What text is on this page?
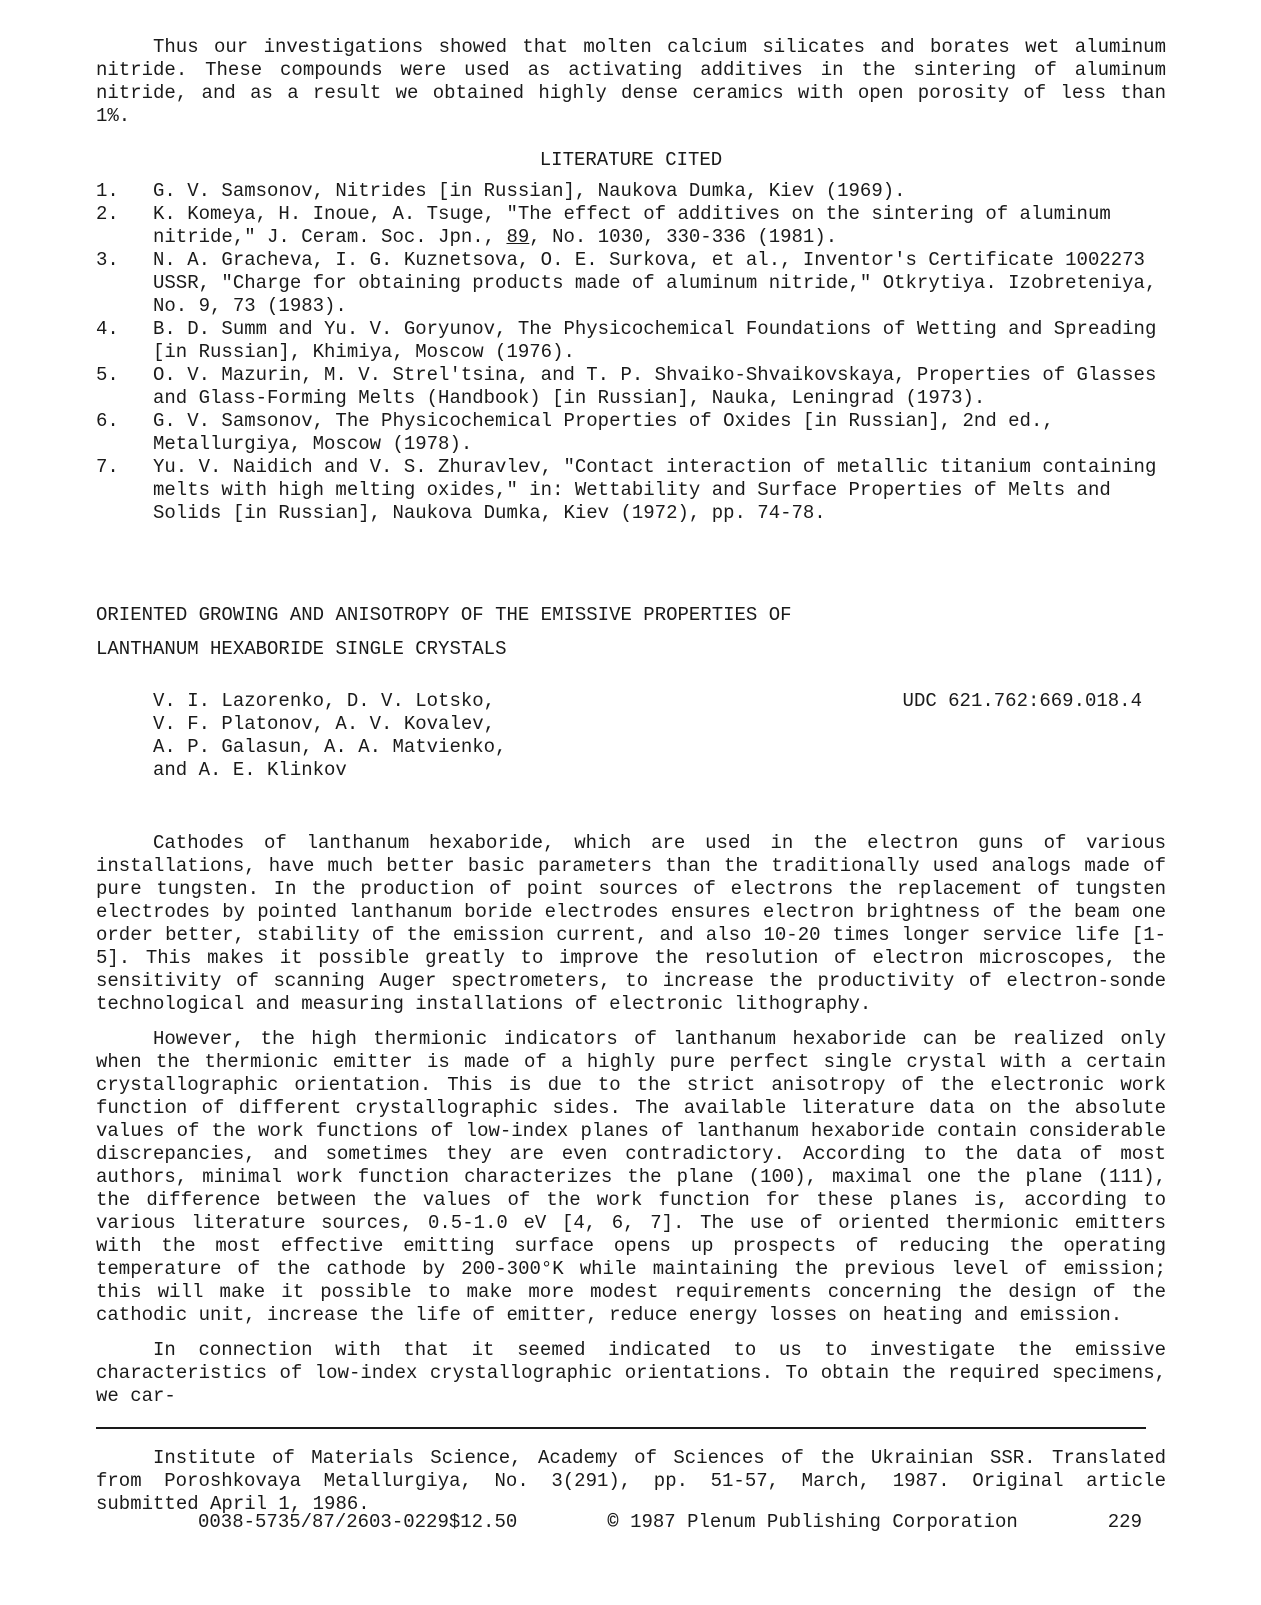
Thus our investigations showed that molten calcium silicates and borates wet aluminum nitride. These compounds were used as activating additives in the sintering of aluminum nitride, and as a result we obtained highly dense ceramics with open porosity of less than 1%.

LITERATURE CITED
1. G. V. Samsonov, Nitrides [in Russian], Naukova Dumka, Kiev (1969).
2. K. Komeya, H. Inoue, A. Tsuge, "The effect of additives on the sintering of aluminum nitride," J. Ceram. Soc. Jpn., 89, No. 1030, 330-336 (1981).
3. N. A. Gracheva, I. G. Kuznetsova, O. E. Surkova, et al., Inventor's Certificate 1002273 USSR, "Charge for obtaining products made of aluminum nitride," Otkrytiya. Izobreteniya, No. 9, 73 (1983).
4. B. D. Summ and Yu. V. Goryunov, The Physicochemical Foundations of Wetting and Spreading [in Russian], Khimiya, Moscow (1976).
5. O. V. Mazurin, M. V. Strel'tsina, and T. P. Shvaiko-Shvaikovskaya, Properties of Glasses and Glass-Forming Melts (Handbook) [in Russian], Nauka, Leningrad (1973).
6. G. V. Samsonov, The Physicochemical Properties of Oxides [in Russian], 2nd ed., Metallurgiya, Moscow (1978).
7. Yu. V. Naidich and V. S. Zhuravlev, "Contact interaction of metallic titanium containing melts with high melting oxides," in: Wettability and Surface Properties of Melts and Solids [in Russian], Naukova Dumka, Kiev (1972), pp. 74-78.
ORIENTED GROWING AND ANISOTROPY OF THE EMISSIVE PROPERTIES OF
LANTHANUM HEXABORIDE SINGLE CRYSTALS
V. I. Lazorenko, D. V. Lotsko,
V. F. Platonov, A. V. Kovalev,
A. P. Galasun, A. A. Matvienko,
and A. E. Klinkov
UDC 621.762:669.018.4

Cathodes of lanthanum hexaboride, which are used in the electron guns of various installations, have much better basic parameters than the traditionally used analogs made of pure tungsten. In the production of point sources of electrons the replacement of tungsten electrodes by pointed lanthanum boride electrodes ensures electron brightness of the beam one order better, stability of the emission current, and also 10-20 times longer service life [1-5]. This makes it possible greatly to improve the resolution of electron microscopes, the sensitivity of scanning Auger spectrometers, to increase the productivity of electron-sonde technological and measuring installations of electronic lithography.

However, the high thermionic indicators of lanthanum hexaboride can be realized only when the thermionic emitter is made of a highly pure perfect single crystal with a certain crystallographic orientation. This is due to the strict anisotropy of the electronic work function of different crystallographic sides. The available literature data on the absolute values of the work functions of low-index planes of lanthanum hexaboride contain considerable discrepancies, and sometimes they are even contradictory. According to the data of most authors, minimal work function characterizes the plane (100), maximal one the plane (111), the difference between the values of the work function for these planes is, according to various literature sources, 0.5-1.0 eV [4, 6, 7]. The use of oriented thermionic emitters with the most effective emitting surface opens up prospects of reducing the operating temperature of the cathode by 200-300°K while maintaining the previous level of emission; this will make it possible to make more modest requirements concerning the design of the cathodic unit, increase the life of emitter, reduce energy losses on heating and emission.

In connection with that it seemed indicated to us to investigate the emissive characteristics of low-index crystallographic orientations. To obtain the required specimens, we car-

Institute of Materials Science, Academy of Sciences of the Ukrainian SSR. Translated from Poroshkovaya Metallurgiya, No. 3(291), pp. 51-57, March, 1987. Original article submitted April 1, 1986.

0038-5735/87/2603-0229$12.50	© 1987 Plenum Publishing Corporation	229
